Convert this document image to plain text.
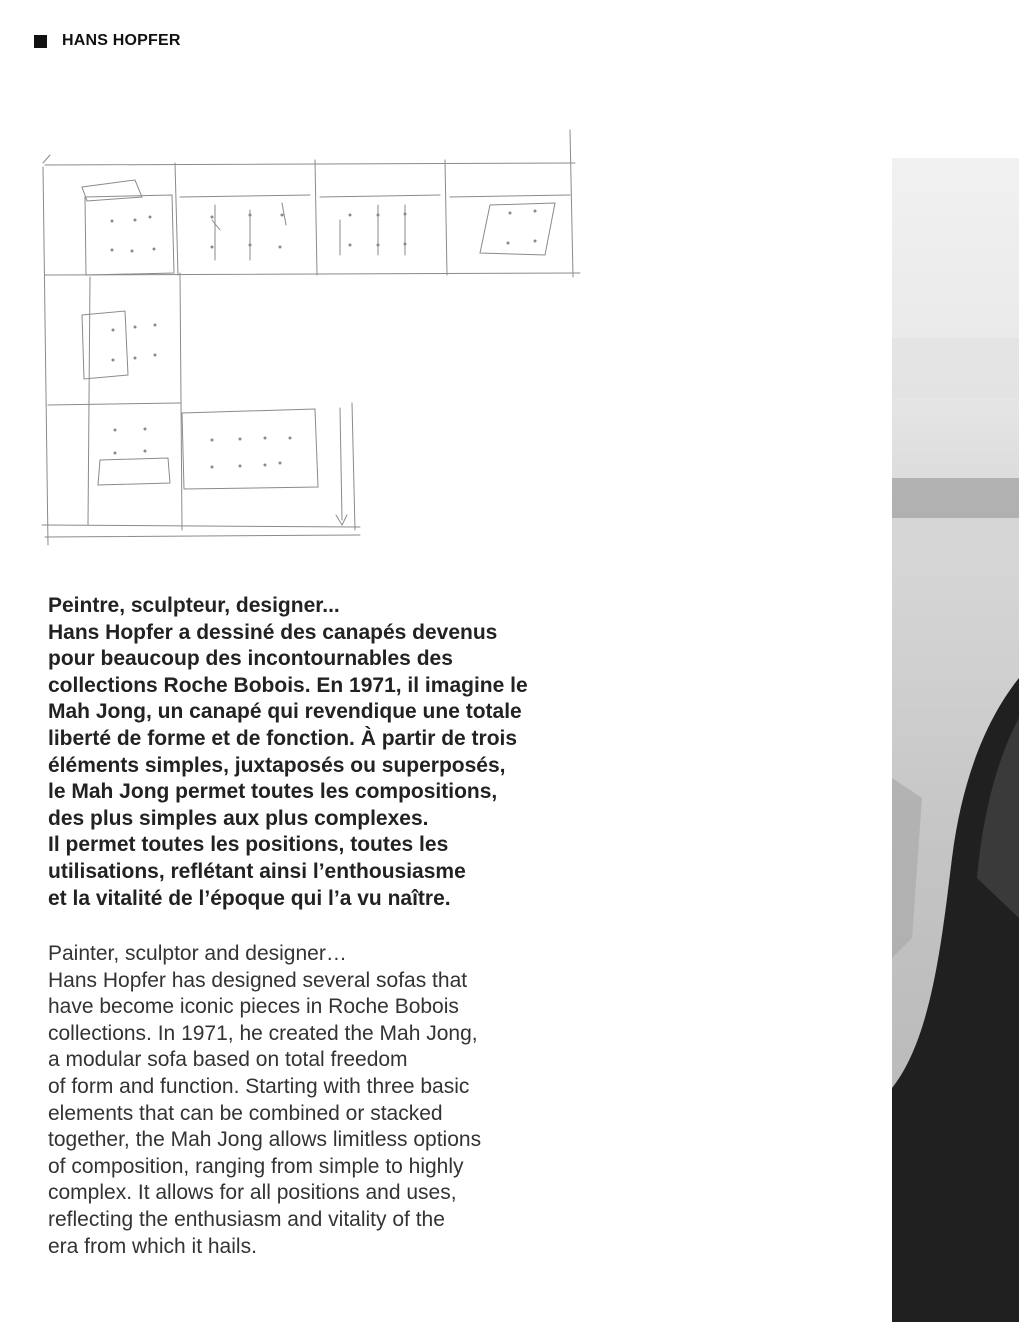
HANS HOPFER
Peintre, sculpteur, designer...
Hans Hopfer a dessiné des canapés devenus
pour beaucoup des incontournables des
collections Roche Bobois. En 1971, il imagine le
Mah Jong, un canapé qui revendique une totale
liberté de forme et de fonction. À partir de trois
éléments simples, juxtaposés ou superposés,
le Mah Jong permet toutes les compositions,
des plus simples aux plus complexes.
Il permet toutes les positions, toutes les
utilisations, reflétant ainsi l’enthousiasme
et la vitalité de l’époque qui l’a vu naître.
Painter, sculptor and designer…
Hans Hopfer has designed several sofas that
have become iconic pieces in Roche Bobois
collections. In 1971, he created the Mah Jong,
a modular sofa based on total freedom
of form and function. Starting with three basic
elements that can be combined or stacked
together, the Mah Jong allows limitless options
of composition, ranging from simple to highly
complex. It allows for all positions and uses,
reflecting the enthusiasm and vitality of the
era from which it hails.
